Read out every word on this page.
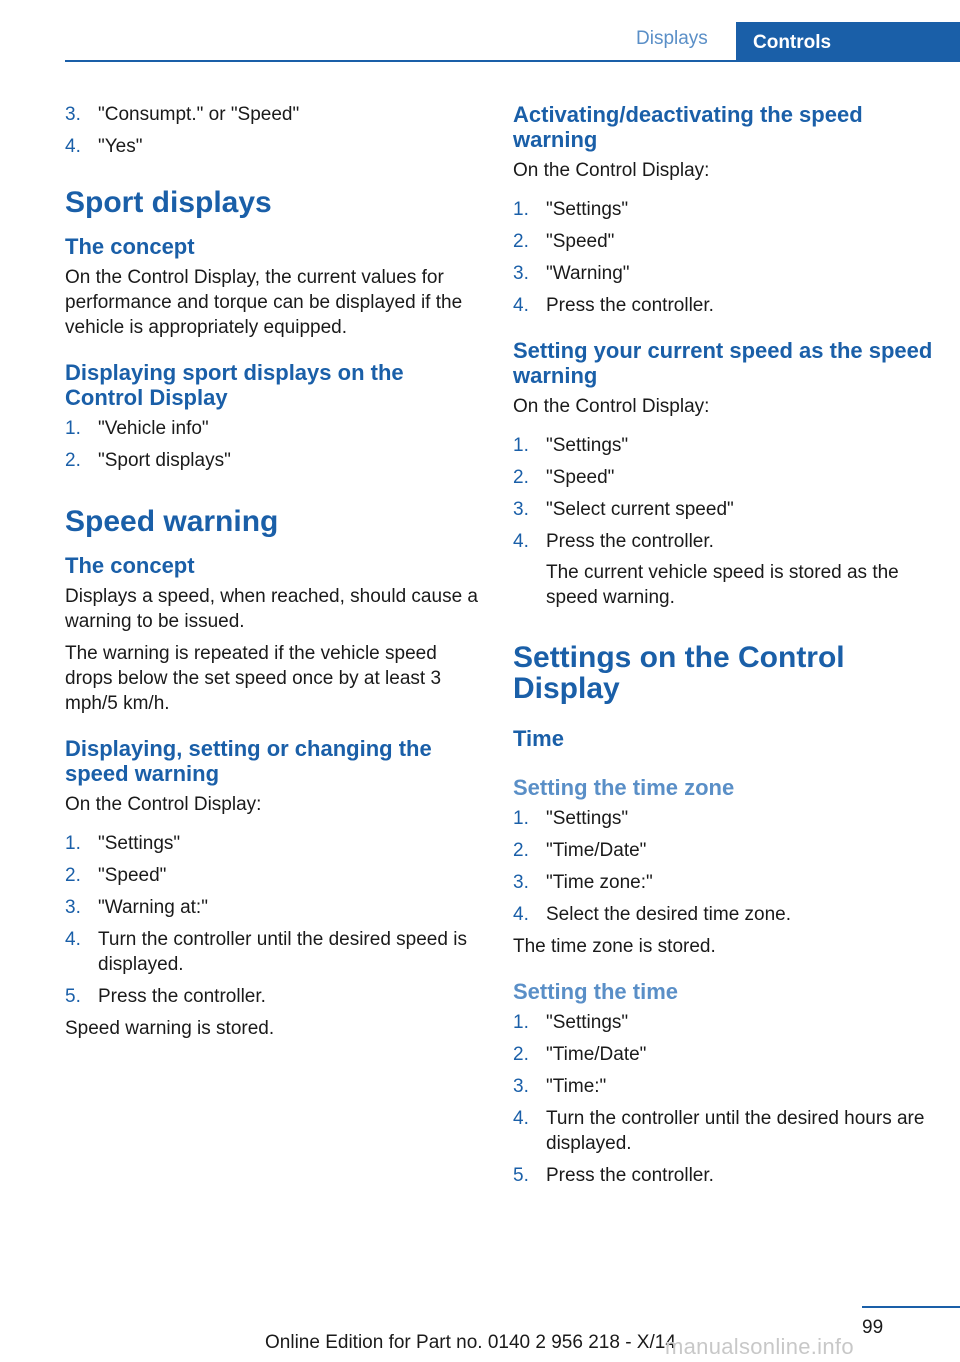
Displays	Controls
3. "Consumpt." or "Speed"
4. "Yes"
Sport displays
The concept

On the Control Display, the current values for performance and torque can be displayed if the vehicle is appropriately equipped.

Displaying sport displays on the Control Display
1. "Vehicle info"
2. "Sport displays"
Speed warning
The concept

Displays a speed, when reached, should cause a warning to be issued.

The warning is repeated if the vehicle speed drops below the set speed once by at least 3 mph/5 km/h.

Displaying, setting or changing the speed warning

On the Control Display:

1. "Settings"
2. "Speed"
3. "Warning at:"
4. Turn the controller until the desired speed is displayed.
5. Press the controller.

Speed warning is stored.

Activating/deactivating the speed warning

On the Control Display:

1. "Settings"
2. "Speed"
3. "Warning"
4. Press the controller.
Setting your current speed as the speed warning

On the Control Display:

1. "Settings"
2. "Speed"
3. "Select current speed"
4. Press the controller.
The current vehicle speed is stored as the speed warning.
Settings on the Control Display
Time
Setting the time zone
1. "Settings"
2. "Time/Date"
3. "Time zone:"
4. Select the desired time zone.

The time zone is stored.

Setting the time
1. "Settings"
2. "Time/Date"
3. "Time:"
4. Turn the controller until the desired hours are displayed.
5. Press the controller.
99
Online Edition for Part no. 0140 2 956 218 - X/14
manualsonline.info
